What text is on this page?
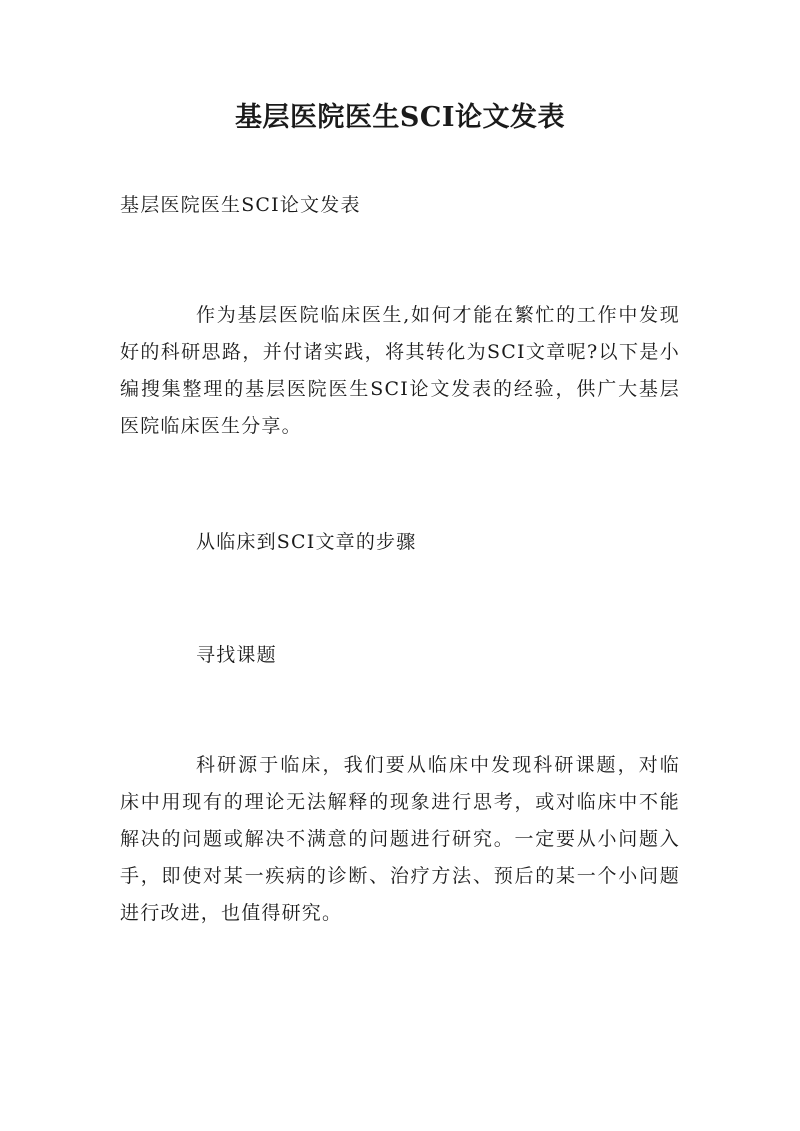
基层医院医生SCI论文发表

基层医院医生SCI论文发表

作为基层医院临床医生,如何才能在繁忙的工作中发现好的科研思路，并付诸实践，将其转化为SCI文章呢?以下是小编搜集整理的基层医院医生SCI论文发表的经验，供广大基层医院临床医生分享。

从临床到SCI文章的步骤

寻找课题

科研源于临床，我们要从临床中发现科研课题，对临床中用现有的理论无法解释的现象进行思考，或对临床中不能解决的问题或解决不满意的问题进行研究。一定要从小问题入手，即使对某一疾病的诊断、治疗方法、预后的某一个小问题进行改进，也值得研究。
